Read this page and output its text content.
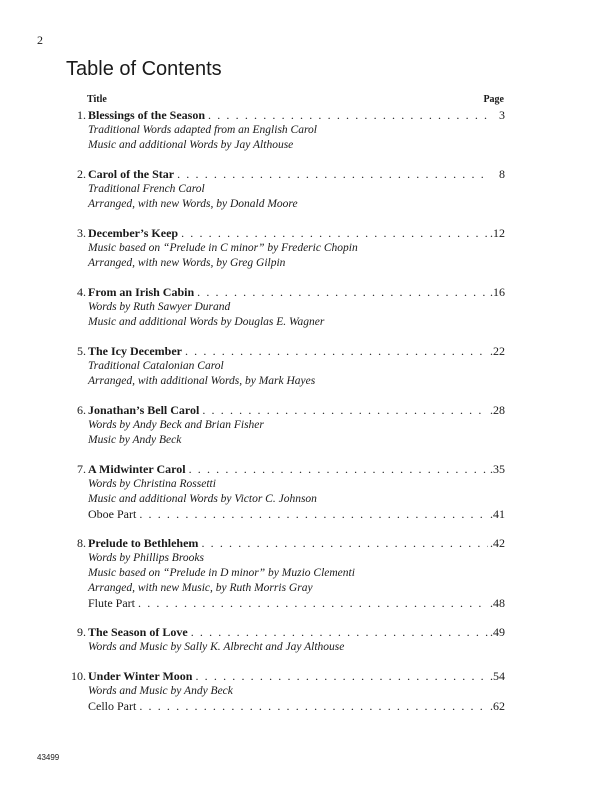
2
Table of Contents
Title	Page
1. Blessings of the Season . . .	3
Traditional Words adapted from an English Carol
Music and additional Words by Jay Althouse
2. Carol of the Star . . .	8
Traditional French Carol
Arranged, with new Words, by Donald Moore
3. December’s Keep . . .	.12
Music based on “Prelude in C minor” by Frederic Chopin
Arranged, with new Words, by Greg Gilpin
4. From an Irish Cabin . . .	.16
Words by Ruth Sawyer Durand
Music and additional Words by Douglas E. Wagner
5. The Icy December . . .	.22
Traditional Catalonian Carol
Arranged, with additional Words, by Mark Hayes
6. Jonathan’s Bell Carol . . .	.28
Words by Andy Beck and Brian Fisher
Music by Andy Beck
7. A Midwinter Carol . . .	.35
Words by Christina Rossetti
Music and additional Words by Victor C. Johnson
Oboe Part . . .	.41
8. Prelude to Bethlehem . . .	.42
Words by Phillips Brooks
Music based on “Prelude in D minor” by Muzio Clementi
Arranged, with new Music, by Ruth Morris Gray
Flute Part . . .	.48
9. The Season of Love . . .	.49
Words and Music by Sally K. Albrecht and Jay Althouse
10. Under Winter Moon . . .	.54
Words and Music by Andy Beck
Cello Part . . .	.62
43499
